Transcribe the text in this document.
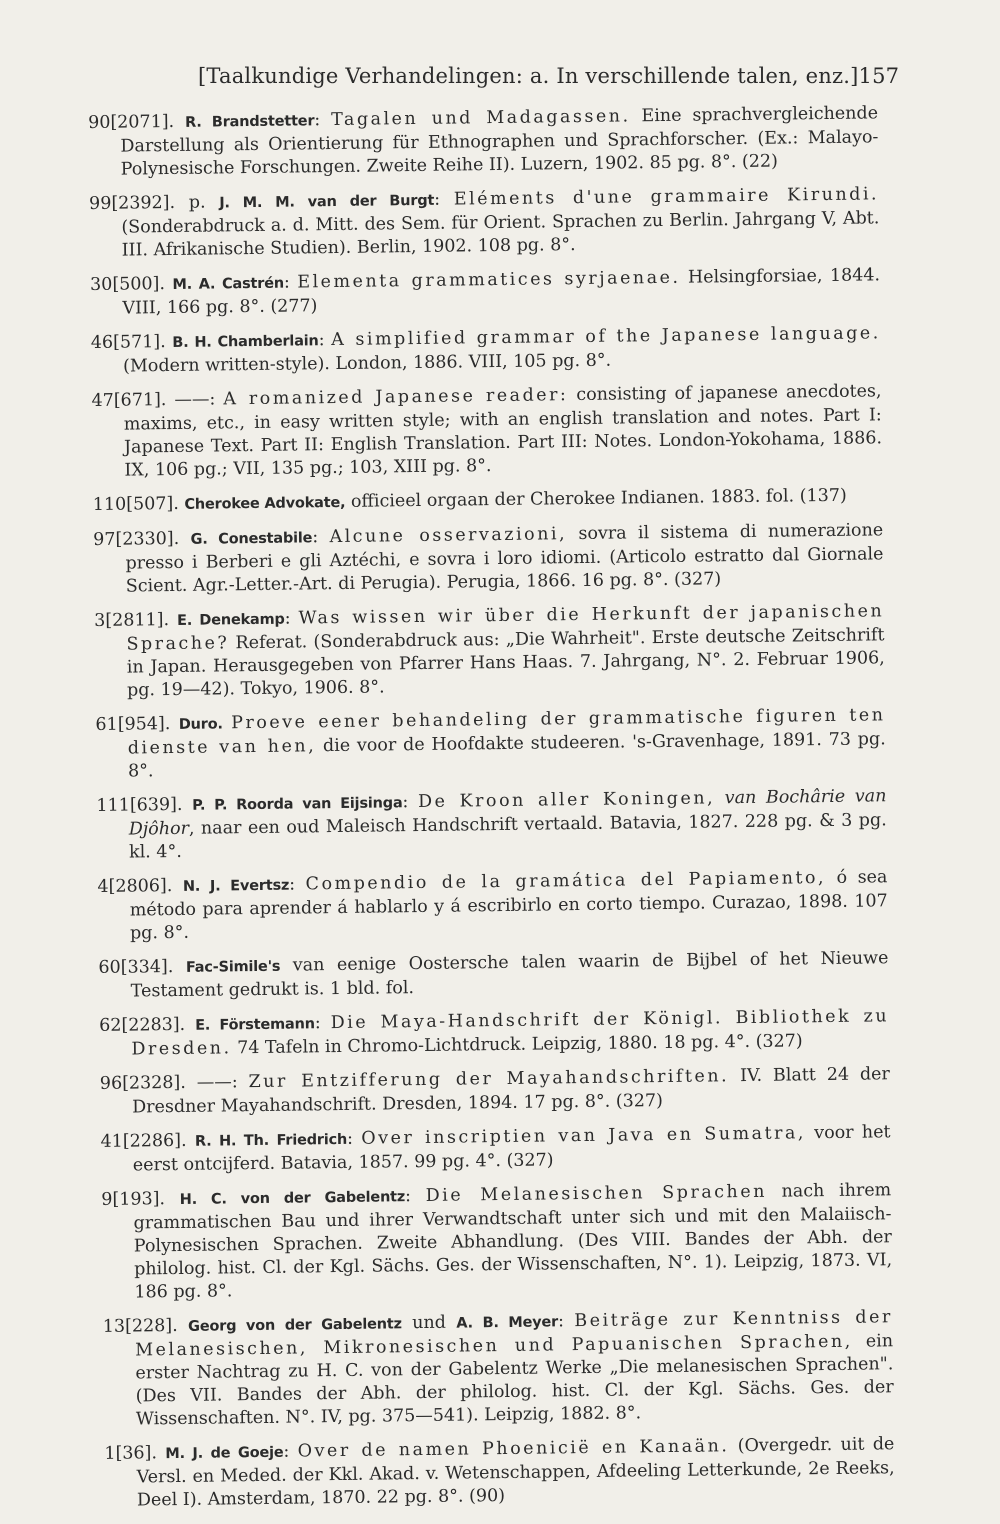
[Taalkundige Verhandelingen: a. In verschillende talen, enz.] 157

90[2071]. R. Brandstetter: Tagalen und Madagassen. Eine sprachvergleichende Darstellung als Orientierung für Ethnographen und Sprachforscher. (Ex.: Malayo-Polynesische Forschungen. Zweite Reihe II). Luzern, 1902. 85 pg. 8°. (22)

99[2392]. p. J. M. M. van der Burgt: Eléments d'une grammaire Kirundi. (Sonderabdruck a. d. Mitt. des Sem. für Orient. Sprachen zu Berlin. Jahrgang V, Abt. III. Afrikanische Studien). Berlin, 1902. 108 pg. 8°.

30[500]. M. A. Castrén: Elementa grammatices syrjaenae. Helsingforsiae, 1844. VIII, 166 pg. 8°. (277)

46[571]. B. H. Chamberlain: A simplified grammar of the Japanese language. (Modern written-style). London, 1886. VIII, 105 pg. 8°.

47[671]. ——: A romanized Japanese reader: consisting of japanese anecdotes, maxims, etc., in easy written style; with an english translation and notes. Part I: Japanese Text. Part II: English Translation. Part III: Notes. London-Yokohama, 1886. IX, 106 pg.; VII, 135 pg.; 103, XIII pg. 8°.

110[507]. Cherokee Advokate, officieel orgaan der Cherokee Indianen. 1883. fol. (137)

97[2330]. G. Conestabile: Alcune osservazioni, sovra il sistema di numerazione presso i Berberi e gli Aztéchi, e sovra i loro idiomi. (Articolo estratto dal Giornale Scient. Agr.-Letter.-Art. di Perugia). Perugia, 1866. 16 pg. 8°. (327)

3[2811]. E. Denekamp: Was wissen wir über die Herkunft der japanischen Sprache? Referat. (Sonderabdruck aus: „Die Wahrheit". Erste deutsche Zeitschrift in Japan. Herausgegeben von Pfarrer Hans Haas. 7. Jahrgang, N°. 2. Februar 1906, pg. 19—42). Tokyo, 1906. 8°.

61[954]. Duro. Proeve eener behandeling der grammatische figuren ten dienste van hen, die voor de Hoofdakte studeeren. 's-Gravenhage, 1891. 73 pg. 8°.

111[639]. P. P. Roorda van Eijsinga: De Kroon aller Koningen, van Bochârie van Djôhor, naar een oud Maleisch Handschrift vertaald. Batavia, 1827. 228 pg. & 3 pg. kl. 4°.

4[2806]. N. J. Evertsz: Compendio de la gramática del Papiamento, ó sea método para aprender á hablarlo y á escribirlo en corto tiempo. Curazao, 1898. 107 pg. 8°.

60[334]. Fac-Simile's van eenige Oostersche talen waarin de Bijbel of het Nieuwe Testament gedrukt is. 1 bld. fol.

62[2283]. E. Förstemann: Die Maya-Handschrift der Königl. Bibliothek zu Dresden. 74 Tafeln in Chromo-Lichtdruck. Leipzig, 1880. 18 pg. 4°. (327)

96[2328]. ——: Zur Entzifferung der Mayahandschriften. IV. Blatt 24 der Dresdner Mayahandschrift. Dresden, 1894. 17 pg. 8°. (327)

41[2286]. R. H. Th. Friedrich: Over inscriptien van Java en Sumatra, voor het eerst ontcijferd. Batavia, 1857. 99 pg. 4°. (327)

9[193]. H. C. von der Gabelentz: Die Melanesischen Sprachen nach ihrem grammatischen Bau und ihrer Verwandtschaft unter sich und mit den Malaiisch-Polynesischen Sprachen. Zweite Abhandlung. (Des VIII. Bandes der Abh. der philolog. hist. Cl. der Kgl. Sächs. Ges. der Wissenschaften, N°. 1). Leipzig, 1873. VI, 186 pg. 8°.

13[228]. Georg von der Gabelentz und A. B. Meyer: Beiträge zur Kenntniss der Melanesischen, Mikronesischen und Papuanischen Sprachen, ein erster Nachtrag zu H. C. von der Gabelentz Werke „Die melanesischen Sprachen". (Des VII. Bandes der Abh. der philolog. hist. Cl. der Kgl. Sächs. Ges. der Wissenschaften. N°. IV, pg. 375—541). Leipzig, 1882. 8°.

1[36]. M. J. de Goeje: Over de namen Phoenicië en Kanaän. (Overgedr. uit de Versl. en Meded. der Kkl. Akad. v. Wetenschappen, Afdeeling Letterkunde, 2e Reeks, Deel I). Amsterdam, 1870. 22 pg. 8°. (90)
